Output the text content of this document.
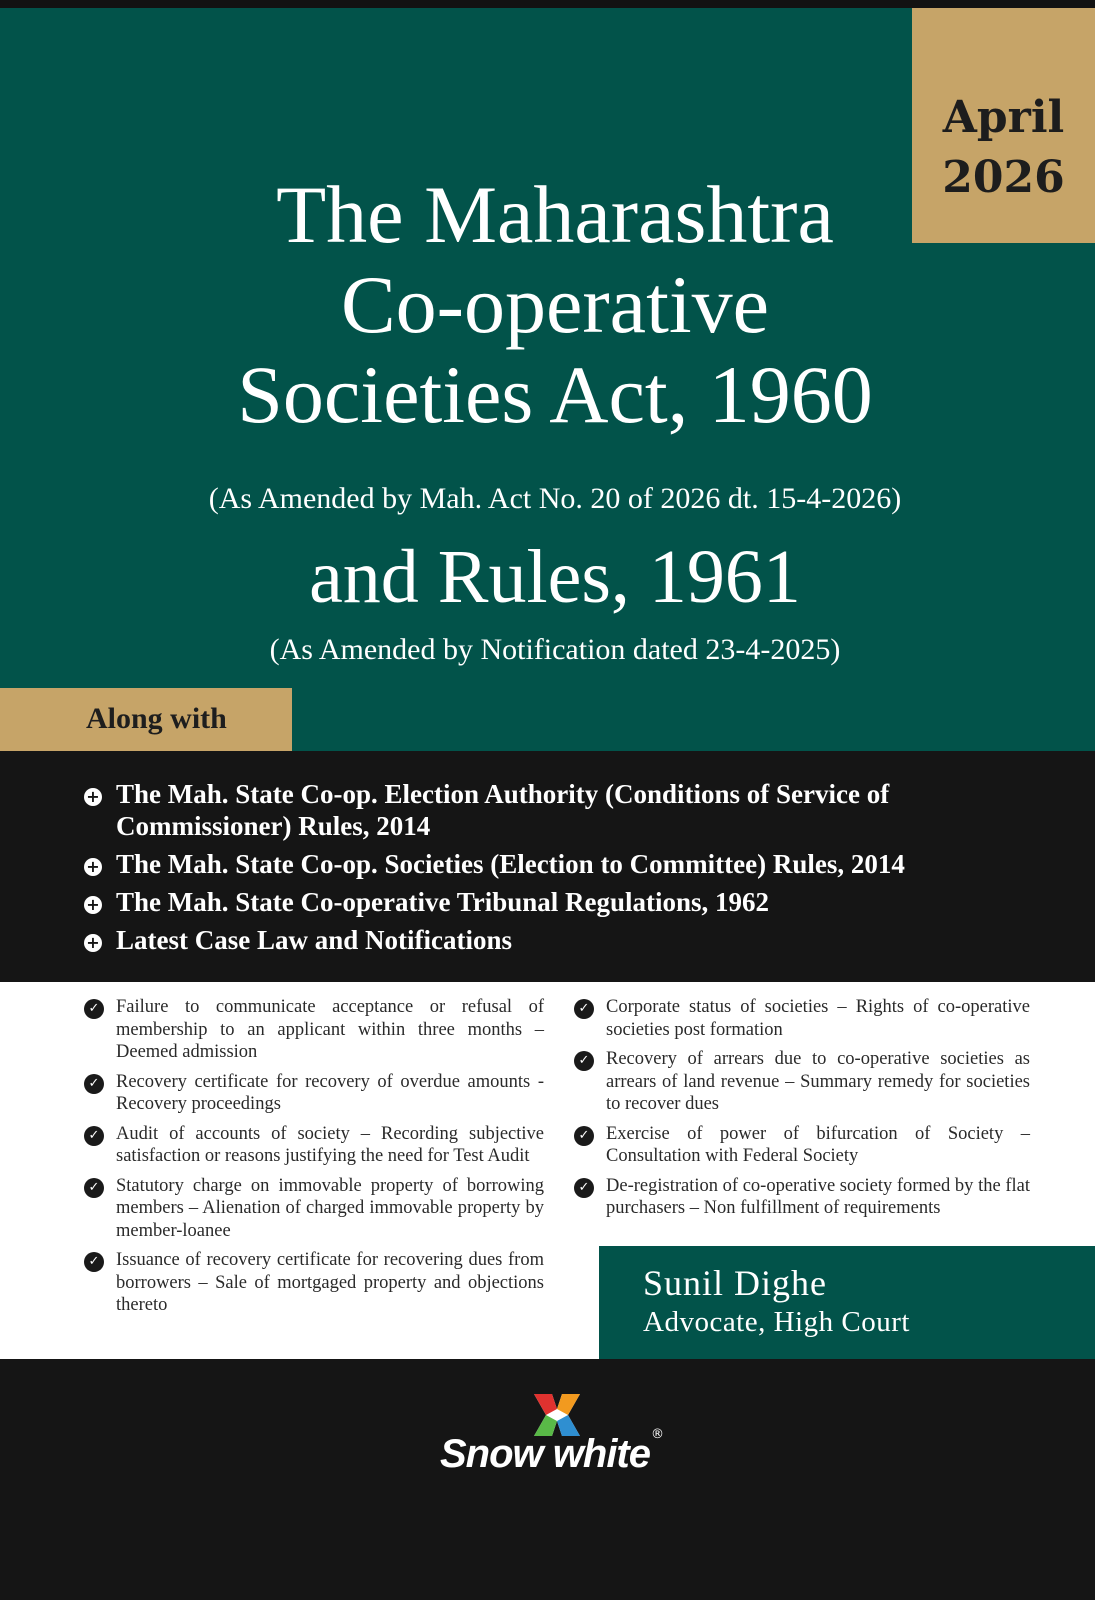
April
2026
The Maharashtra
Co-operative
Societies Act, 1960
(As Amended by Mah. Act No. 20 of 2026 dt. 15-4-2026)
and Rules, 1961
(As Amended by Notification dated 23-4-2025)
Along with
+ The Mah. State Co-op. Election Authority (Conditions of Service of Commissioner) Rules, 2014
+ The Mah. State Co-op. Societies (Election to Committee) Rules, 2014
+ The Mah. State Co-operative Tribunal Regulations, 1962
+ Latest Case Law and Notifications
✓ Failure to communicate acceptance or refusal of membership to an applicant within three months – Deemed admission
✓ Recovery certificate for recovery of overdue amounts - Recovery proceedings
✓ Audit of accounts of society – Recording subjective satisfaction or reasons justifying the need for Test Audit
✓ Statutory charge on immovable property of borrowing members – Alienation of charged immovable property by member-loanee
✓ Issuance of recovery certificate for recovering dues from borrowers – Sale of mortgaged property and objections thereto
✓ Corporate status of societies – Rights of co-operative societies post formation
✓ Recovery of arrears due to co-operative societies as arrears of land revenue – Summary remedy for societies to recover dues
✓ Exercise of power of bifurcation of Society – Consultation with Federal Society
✓ De-registration of co-operative society formed by the flat purchasers – Non fulfillment of requirements
Sunil Dighe
Advocate, High Court
Snow white ®
